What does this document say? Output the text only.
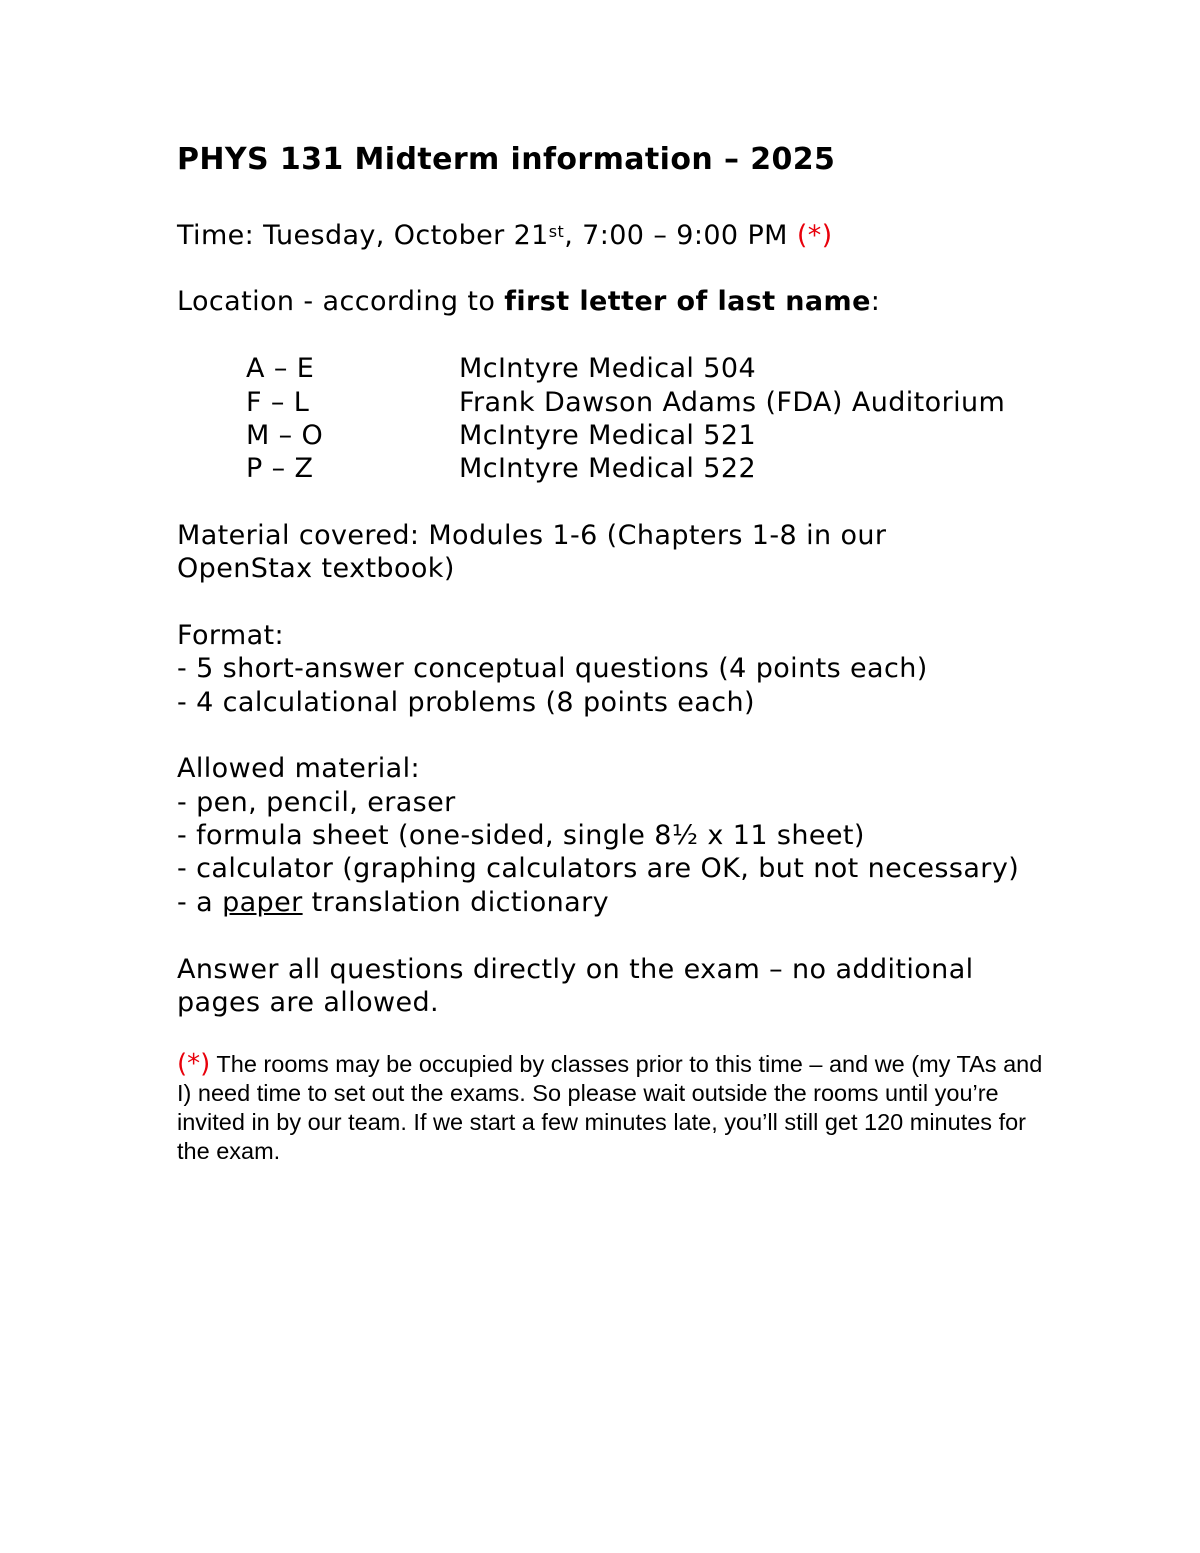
PHYS 131 Midterm information – 2025
Time: Tuesday, October 21st, 7:00 – 9:00 PM (*)
Location - according to first letter of last name:
A – E	McIntyre Medical 504
F – L	Frank Dawson Adams (FDA) Auditorium
M – O	McIntyre Medical 521
P – Z	McIntyre Medical 522
Material covered: Modules 1-6 (Chapters 1-8 in our
OpenStax textbook)
Format:
- 5 short-answer conceptual questions (4 points each)
- 4 calculational problems (8 points each)
Allowed material:
- pen, pencil, eraser
- formula sheet (one-sided, single 8½ x 11 sheet)
- calculator (graphing calculators are OK, but not necessary)
- a paper translation dictionary
Answer all questions directly on the exam – no additional
pages are allowed.
(*) The rooms may be occupied by classes prior to this time – and we (my TAs and I) need time to set out the exams. So please wait outside the rooms until you’re invited in by our team. If we start a few minutes late, you’ll still get 120 minutes for the exam.
